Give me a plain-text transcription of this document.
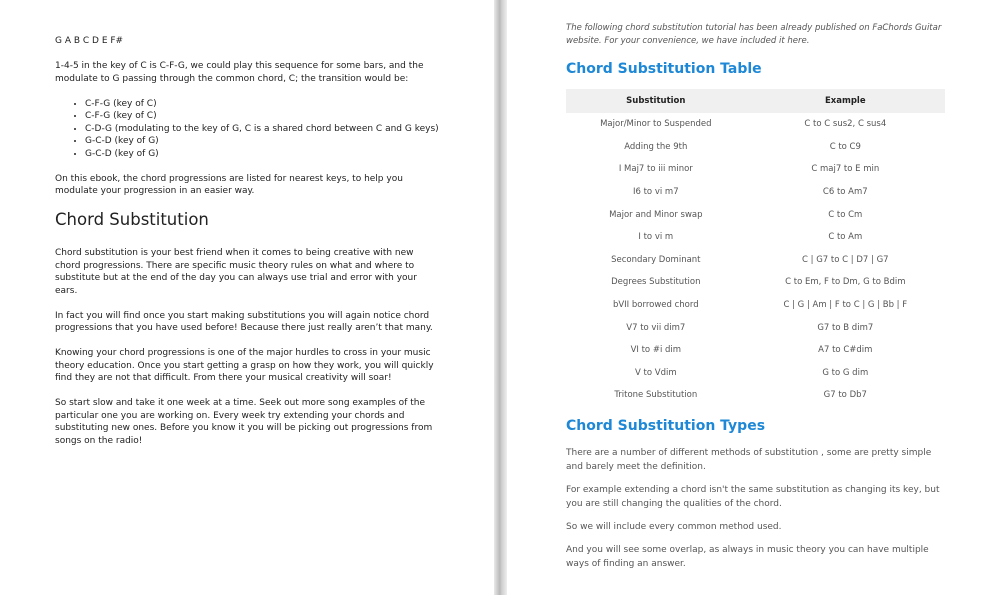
G A B C D E F#

1-4-5 in the key of C is C-F-G, we could play this sequence for some bars, and the modulate to G passing through the common chord, C; the transition would be:

• C-F-G (key of C)
• C-F-G (key of C)
• C-D-G (modulating to the key of G, C is a shared chord between C and G keys)
• G-C-D (key of G)
• G-C-D (key of G)

On this ebook, the chord progressions are listed for nearest keys, to help you modulate your progression in an easier way.

Chord Substitution

Chord substitution is your best friend when it comes to being creative with new chord progressions. There are specific music theory rules on what and where to substitute but at the end of the day you can always use trial and error with your ears.

In fact you will find once you start making substitutions you will again notice chord progressions that you have used before! Because there just really aren’t that many.

Knowing your chord progressions is one of the major hurdles to cross in your music theory education. Once you start getting a grasp on how they work, you will quickly find they are not that difficult. From there your musical creativity will soar!

So start slow and take it one week at a time. Seek out more song examples of the particular one you are working on. Every week try extending your chords and substituting new ones. Before you know it you will be picking out progressions from songs on the radio!

The following chord substitution tutorial has been already published on FaChords Guitar website. For your convenience, we have included it here.

Chord Substitution Table
Substitution	Example
Major/Minor to Suspended	C to C sus2, C sus4
Adding the 9th	C to C9
I Maj7 to iii minor	C maj7 to E min
I6 to vi m7	C6 to Am7
Major and Minor swap	C to Cm
I to vi m	C to Am
Secondary Dominant	C | G7 to C | D7 | G7
Degrees Substitution	C to Em, F to Dm, G to Bdim
bVII borrowed chord	C | G | Am | F to C | G | Bb | F
V7 to vii dim7	G7 to B dim7
VI to #i dim	A7 to C#dim
V to Vdim	G to G dim
Tritone Substitution	G7 to Db7
Chord Substitution Types

There are a number of different methods of substitution , some are pretty simple and barely meet the definition.

For example extending a chord isn't the same substitution as changing its key, but you are still changing the qualities of the chord.

So we will include every common method used.

And you will see some overlap, as always in music theory you can have multiple ways of finding an answer.
